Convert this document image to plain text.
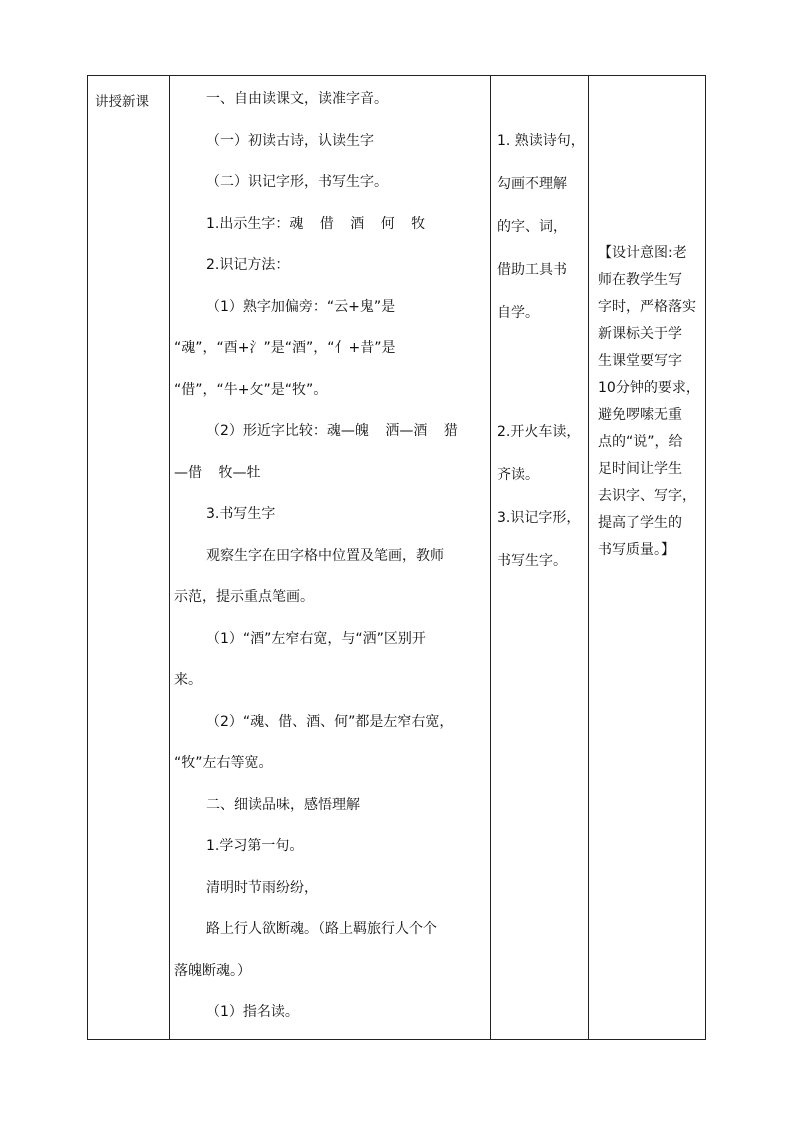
讲授新课	一、自由读课文，读准字音。
（一）初读古诗，认读生字
（二）识记字形，书写生字。
1.出示生字：魂 借 酒 何 牧
2.识记方法：
（1）熟字加偏旁：“云+鬼”是
“魂”，“酉+氵”是“酒”，“亻+昔”是
“借”，“牛+攵”是“牧”。
（2）形近字比较：魂—魄 洒—酒 猎
—借 牧—牡
3.书写生字
观察生字在田字格中位置及笔画，教师
示范，提示重点笔画。
（1）“酒”左窄右宽，与“洒”区别开
来。
（2）“魂、借、酒、何”都是左窄右宽，
“牧”左右等宽。
二、细读品味，感悟理解
1.学习第一句。
清明时节雨纷纷，
路上行人欲断魂。（路上羁旅行人个个
落魄断魂。）
（1）指名读。
1. 熟读诗句，
勾画不理解
的字、词，
借助工具书
自学。
2.开火车读，
齐读。
3.识记字形，
书写生字。
【设计意图:老
师在教学生写
字时，严格落实
新课标关于学
生课堂要写字
10分钟的要求，
避免啰嗦无重
点的“说”，给
足时间让学生
去识字、写字，
提高了学生的
书写质量。】
